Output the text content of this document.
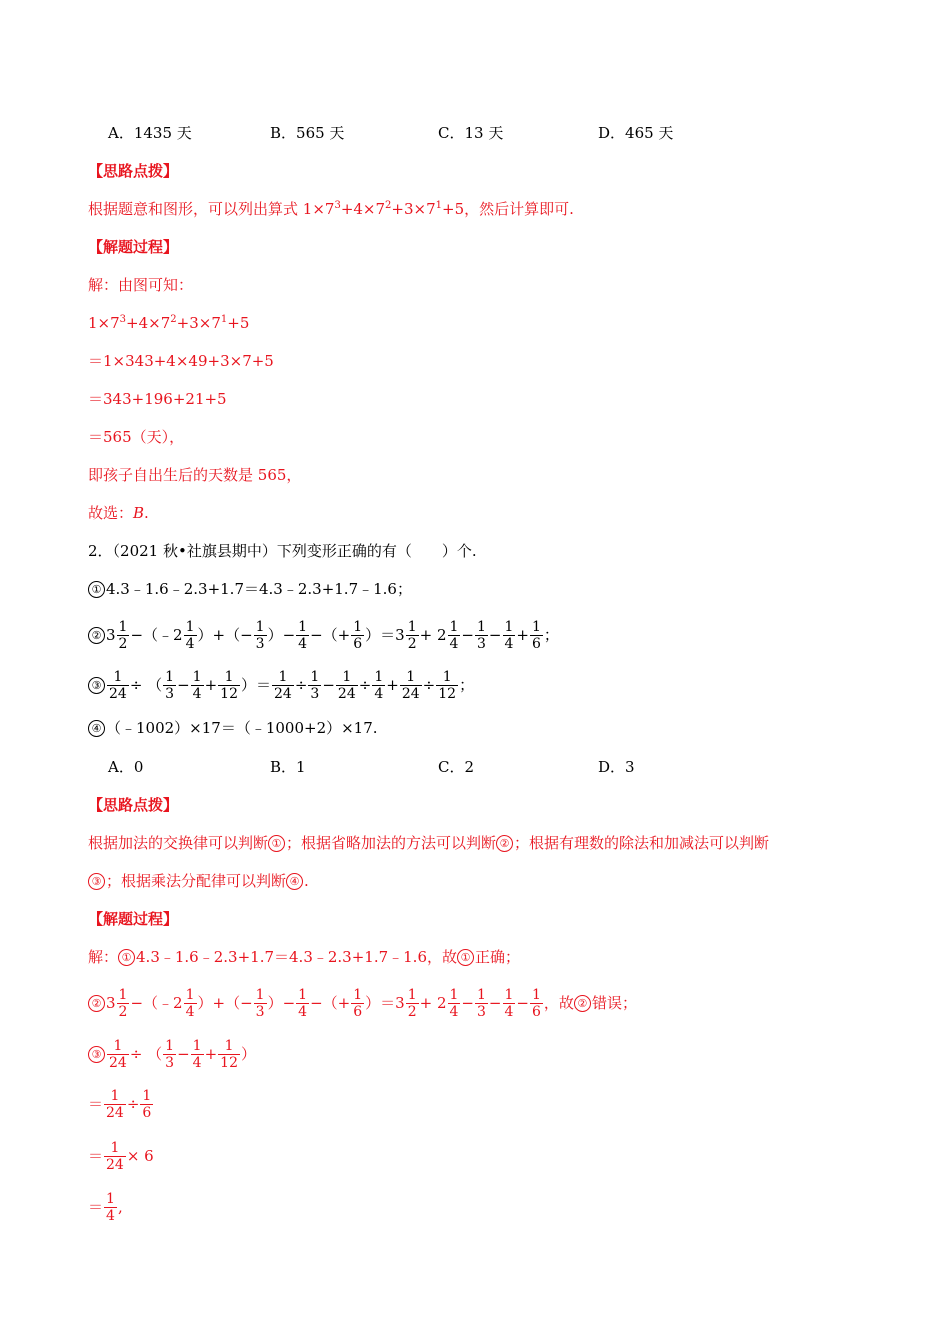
A．1435 天	B．565 天	C．13 天	D．465 天
【思路点拨】
根据题意和图形，可以列出算式 $1\times 7^3+4\times 7^2+3\times 7^1+5$，然后计算即可.
【解题过程】
解：由图可知：
$1\times 7^3+4\times 7^2+3\times 7^1+5$
＝1×343+4×49+3×7+5
＝343+196+21+5
＝565（天），
即孩子自出生后的天数是 565，
故选：B.
2．（2021 秋•社旗县期中）下列变形正确的有（　　）个.
① 4.3﹣1.6﹣2.3+1.7＝4.3﹣2.3+1.7﹣1.6；
② $3 \frac{1}{2}$ −（﹣2 $\frac{1}{4}$ ）+（− $\frac{1}{3}$ ）− $\frac{1}{4}$ −（+ $\frac{1}{6} )=3 \frac{1}{2} + 2 \frac{1}{4} - \frac{1}{3} - \frac{1}{4} + \frac{1}{6}$ ；
③ $\frac{1}{24}$ ÷ （ $\frac{1}{3} - \frac{1}{4} + \frac{1}{12}$ ）＝ $\frac{1}{24} \div \frac{1}{3} - \frac{1}{24} \div \frac{1}{4} + \frac{1}{24} \div \frac{1}{12}$ ；
④ （﹣1002）×17＝（﹣1000+2）×17.
A．0	B．1	C．2	D．3
【思路点拨】
根据加法的交换律可以判断 ① ；根据省略加法的方法可以判断 ② ；根据有理数的除法和加减法可以判断
③ ；根据乘法分配律可以判断 ④ .
【解题过程】
解： ① 4.3﹣1.6﹣2.3+1.7＝4.3﹣2.3+1.7﹣1.6，故 ① 正确；
② $3 \frac{1}{2}$ −（﹣2 $\frac{1}{4}$ ）+（− $\frac{1}{3}$ ）− $\frac{1}{4}$ −（+ $\frac{1}{6} )=3 \frac{1}{2} + 2 \frac{1}{4} - \frac{1}{3} - \frac{1}{4} - \frac{1}{6}$ ，故 ② 错误；
③ $\frac{1}{24}$ ÷ （ $\frac{1}{3} - \frac{1}{4} + \frac{1}{12}$ ）
＝ $\frac{1}{24} \div \frac{1}{6}$
＝ $\frac{1}{24} \times 6$
＝ $\frac{1}{4}$ ,
